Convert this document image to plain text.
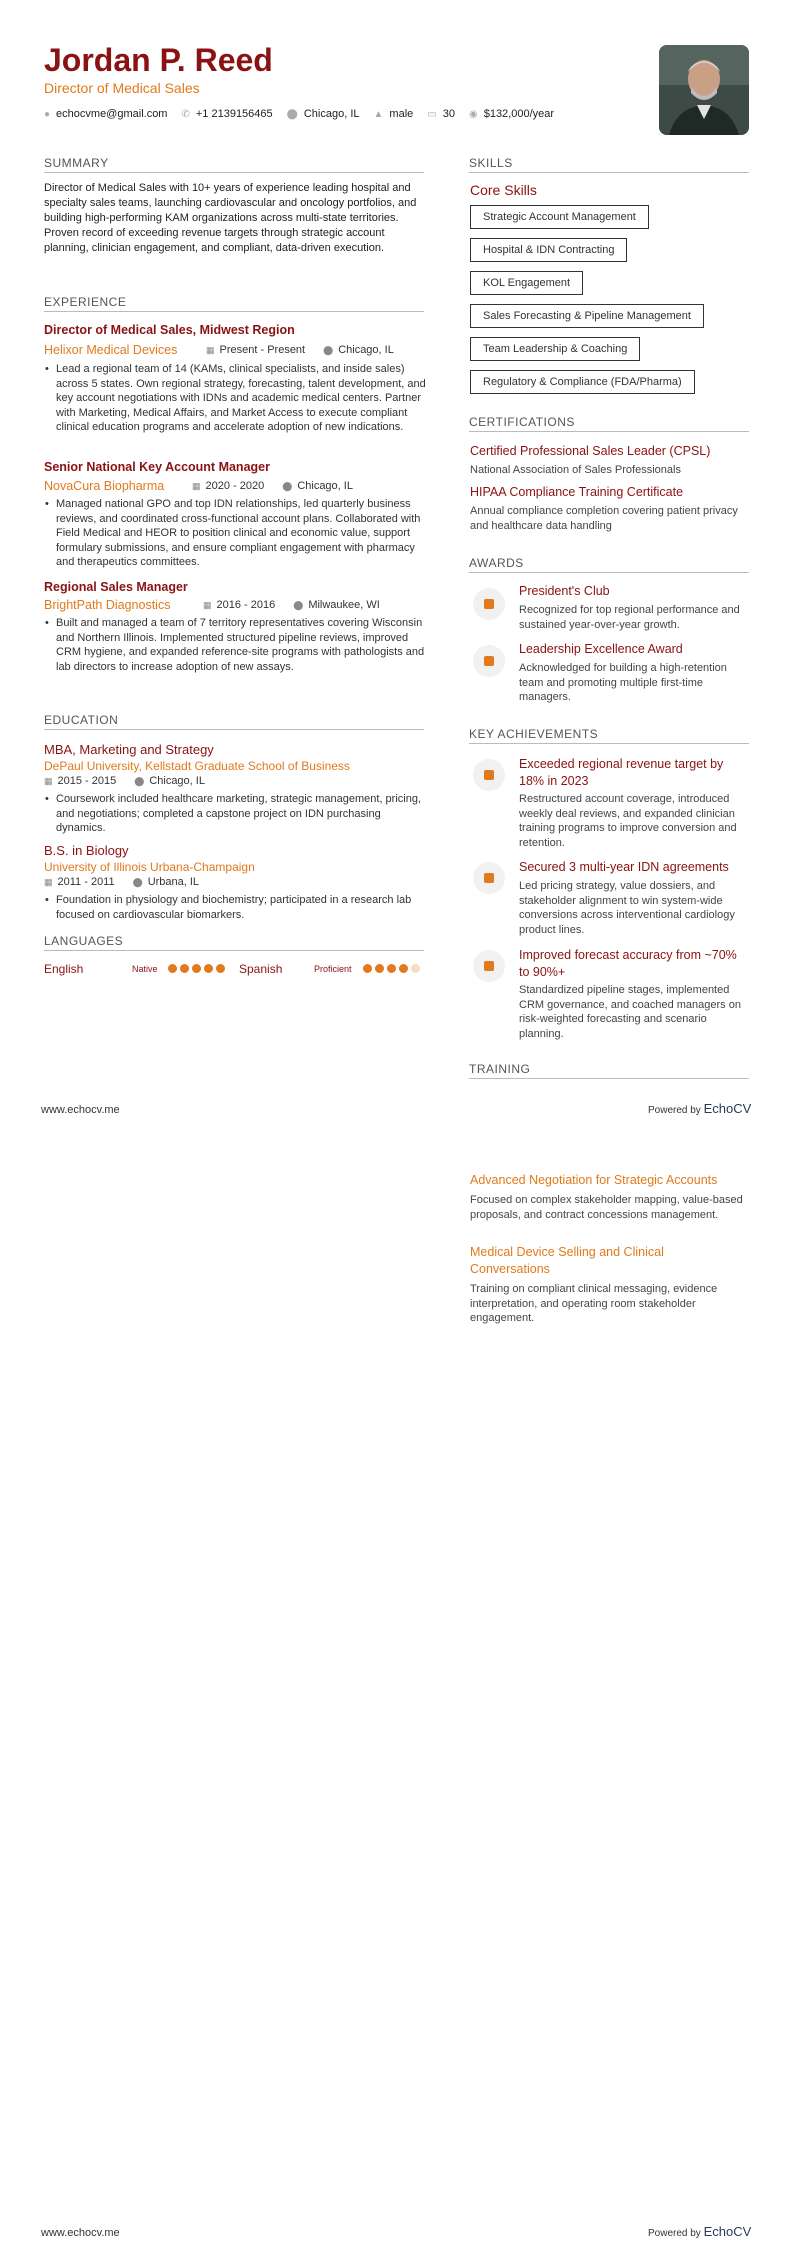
Jordan P. Reed
Director of Medical Sales
● echocvme@gmail.com ✆ +1 2139156465 ⬤ Chicago, IL ▲ male ▭ 30 ◉ $132,000/year
SUMMARY
Director of Medical Sales with 10+ years of experience leading hospital and specialty sales teams, launching cardiovascular and oncology portfolios, and building high-performing KAM organizations across multi-state territories. Proven record of exceeding revenue targets through strategic account planning, clinician engagement, and compliant, data-driven execution.
EXPERIENCE
Director of Medical Sales, Midwest Region
Helixor Medical Devices	▦ Present - Present ⬤ Chicago, IL
• Lead a regional team of 14 (KAMs, clinical specialists, and inside sales) across 5 states. Own regional strategy, forecasting, talent development, and key account negotiations with IDNs and academic medical centers. Partner with Marketing, Medical Affairs, and Market Access to execute compliant clinical education programs and accelerate adoption of new indications.
Senior National Key Account Manager
NovaCura Biopharma	▦ 2020 - 2020 ⬤ Chicago, IL
• Managed national GPO and top IDN relationships, led quarterly business reviews, and coordinated cross-functional account plans. Collaborated with Field Medical and HEOR to position clinical and economic value, support formulary submissions, and ensure compliant engagement with pharmacy and therapeutics committees.
Regional Sales Manager
BrightPath Diagnostics	▦ 2016 - 2016 ⬤ Milwaukee, WI
• Built and managed a team of 7 territory representatives covering Wisconsin and Northern Illinois. Implemented structured pipeline reviews, improved CRM hygiene, and expanded reference-site programs with pathologists and lab directors to increase adoption of new assays.
EDUCATION
MBA, Marketing and Strategy
DePaul University, Kellstadt Graduate School of Business
▦ 2015 - 2015 ⬤ Chicago, IL
• Coursework included healthcare marketing, strategic management, pricing, and negotiations; completed a capstone project on IDN purchasing dynamics.
B.S. in Biology
University of Illinois Urbana-Champaign
▦ 2011 - 2011 ⬤ Urbana, IL
• Foundation in physiology and biochemistry; participated in a research lab focused on cardiovascular biomarkers.
LANGUAGES
English	Native	Spanish	Proficient
SKILLS
Core Skills
Strategic Account Management
Hospital & IDN Contracting
KOL Engagement
Sales Forecasting & Pipeline Management
Team Leadership & Coaching
Regulatory & Compliance (FDA/Pharma)
CERTIFICATIONS
Certified Professional Sales Leader (CPSL)
National Association of Sales Professionals
HIPAA Compliance Training Certificate
Annual compliance completion covering patient privacy and healthcare data handling
AWARDS
President's Club
Recognized for top regional performance and sustained year-over-year growth.
Leadership Excellence Award
Acknowledged for building a high-retention team and promoting multiple first-time managers.
KEY ACHIEVEMENTS
Exceeded regional revenue target by 18% in 2023
Restructured account coverage, introduced weekly deal reviews, and expanded clinician training programs to improve conversion and retention.
Secured 3 multi-year IDN agreements
Led pricing strategy, value dossiers, and stakeholder alignment to win system-wide conversions across interventional cardiology product lines.
Improved forecast accuracy from ~70% to 90%+
Standardized pipeline stages, implemented CRM governance, and coached managers on risk-weighted forecasting and scenario planning.
TRAINING
www.echocv.me	Powered by EchoCV
Advanced Negotiation for Strategic Accounts
Focused on complex stakeholder mapping, value-based proposals, and contract concessions management.
Medical Device Selling and Clinical Conversations
Training on compliant clinical messaging, evidence interpretation, and operating room stakeholder engagement.
www.echocv.me	Powered by EchoCV
